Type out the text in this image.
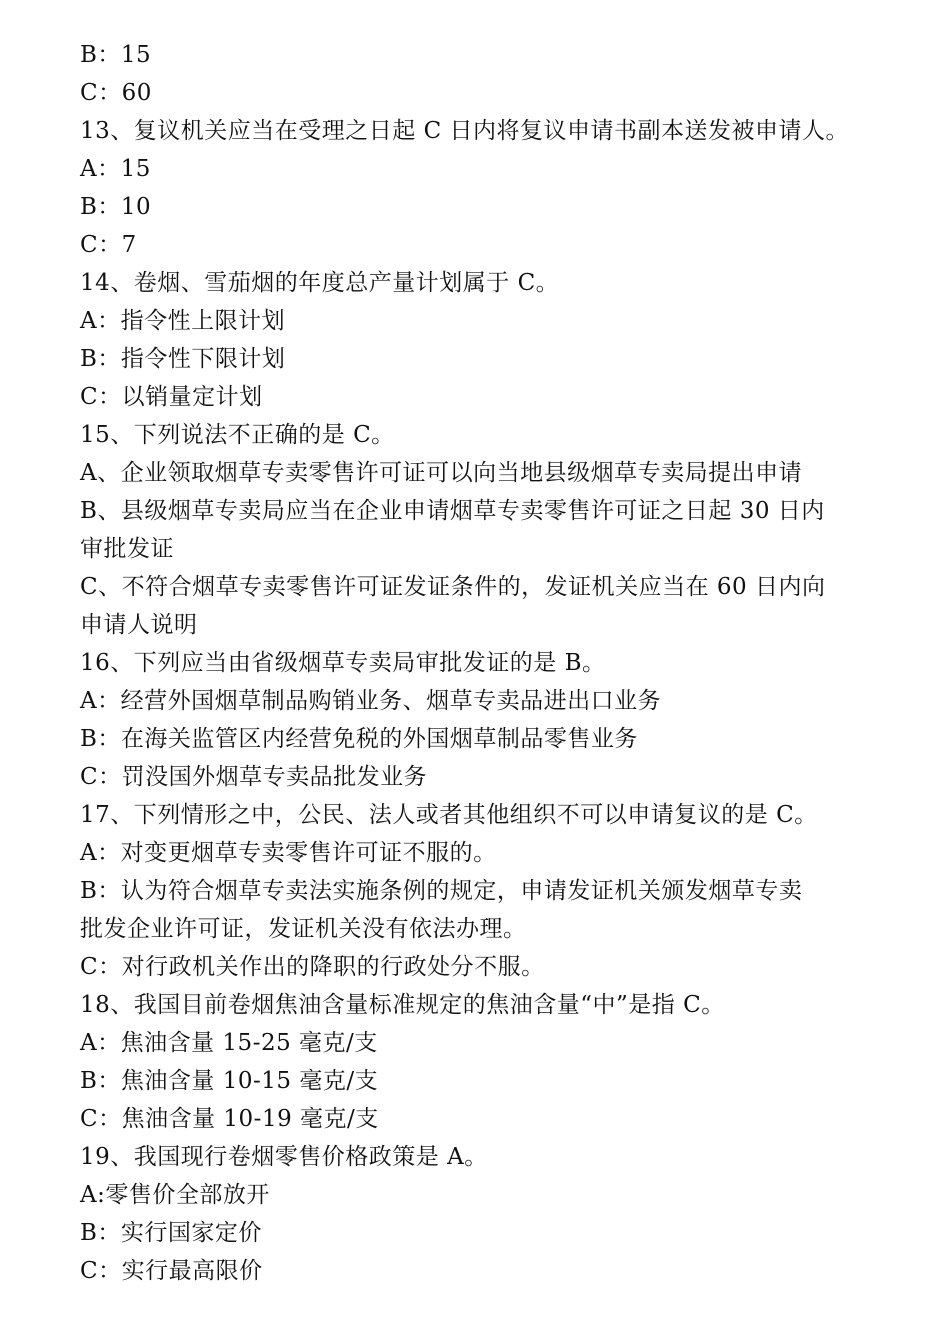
B：15
C：60
13、复议机关应当在受理之日起 C 日内将复议申请书副本送发被申请人。
A：15
B：10
C：7
14、卷烟、雪茄烟的年度总产量计划属于 C。
A：指令性上限计划
B：指令性下限计划
C：以销量定计划
15、下列说法不正确的是 C。
A、企业领取烟草专卖零售许可证可以向当地县级烟草专卖局提出申请
B、县级烟草专卖局应当在企业申请烟草专卖零售许可证之日起 30 日内
审批发证
C、不符合烟草专卖零售许可证发证条件的，发证机关应当在 60 日内向
申请人说明
16、下列应当由省级烟草专卖局审批发证的是 B。
A：经营外国烟草制品购销业务、烟草专卖品进出口业务
B：在海关监管区内经营免税的外国烟草制品零售业务
C：罚没国外烟草专卖品批发业务
17、下列情形之中，公民、法人或者其他组织不可以申请复议的是 C。
A：对变更烟草专卖零售许可证不服的。
B：认为符合烟草专卖法实施条例的规定，申请发证机关颁发烟草专卖
批发企业许可证，发证机关没有依法办理。
C：对行政机关作出的降职的行政处分不服。
18、我国目前卷烟焦油含量标准规定的焦油含量“中”是指 C。
A：焦油含量 15-25 毫克/支
B：焦油含量 10-15 毫克/支
C：焦油含量 10-19 毫克/支
19、我国现行卷烟零售价格政策是 A。
A:零售价全部放开
B：实行国家定价
C：实行最高限价
